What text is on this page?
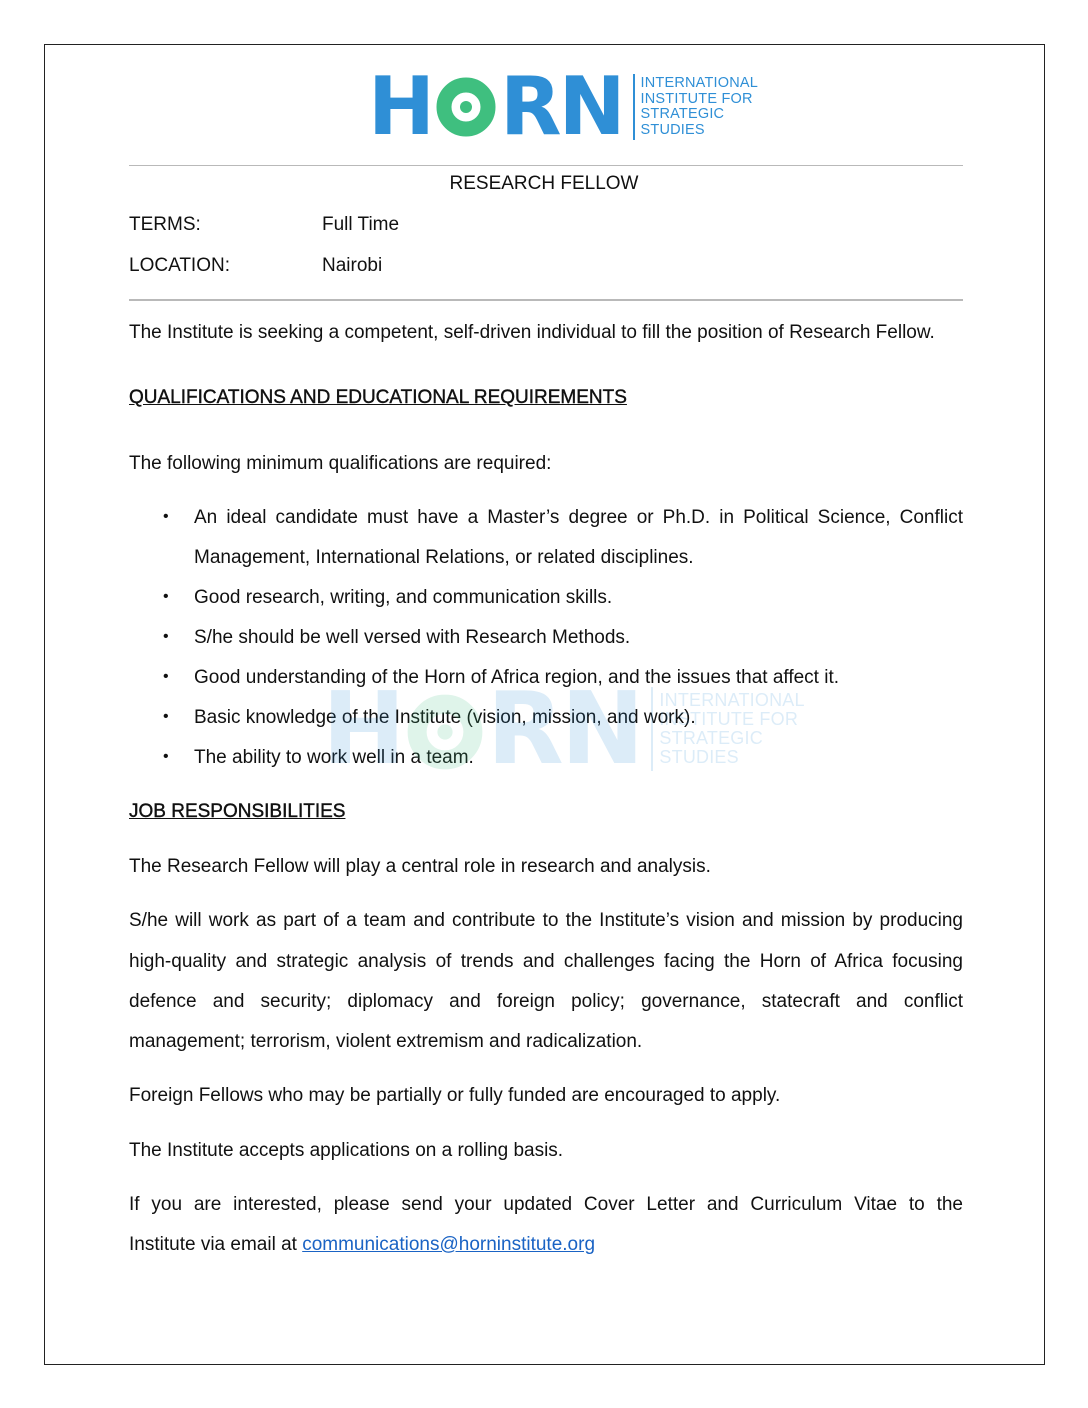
H R N INTERNATIONAL
INSTITUTE FOR
STRATEGIC
STUDIES
RESEARCH FELLOW
TERMS:	Full Time
LOCATION:	Nairobi
The Institute is seeking a competent, self-driven individual to fill the position of Research Fellow.
QUALIFICATIONS AND EDUCATIONAL REQUIREMENTS
The following minimum qualifications are required:
• An ideal candidate must have a Master’s degree or Ph.D. in Political Science, Conflict
Management, International Relations, or related disciplines.
• Good research, writing, and communication skills.
• S/he should be well versed with Research Methods.
• Good understanding of the Horn of Africa region, and the issues that affect it.
• Basic knowledge of the Institute (vision, mission, and work).
• The ability to work well in a team.
H R N INTERNATIONAL
INSTITUTE FOR
STRATEGIC
STUDIES
JOB RESPONSIBILITIES
The Research Fellow will play a central role in research and analysis.
S/he will work as part of a team and contribute to the Institute’s vision and mission by producing
high-quality and strategic analysis of trends and challenges facing the Horn of Africa focusing
defence and security; diplomacy and foreign policy; governance, statecraft and conflict
management; terrorism, violent extremism and radicalization.
Foreign Fellows who may be partially or fully funded are encouraged to apply.
The Institute accepts applications on a rolling basis.
If you are interested, please send your updated Cover Letter and Curriculum Vitae to the
Institute via email at communications@horninstitute.org
